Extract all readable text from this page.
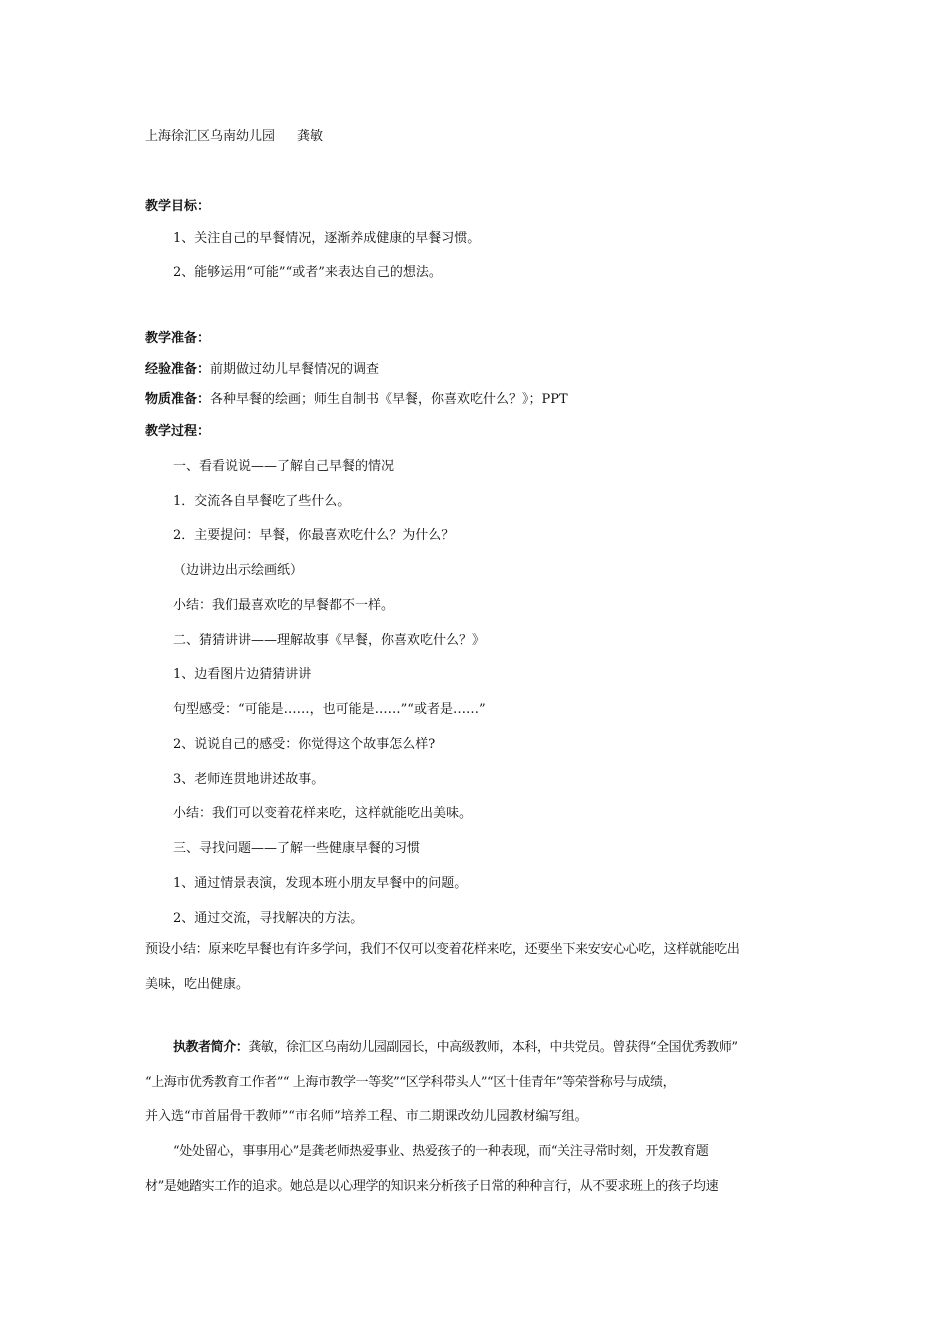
上海徐汇区乌南幼儿园 龚敏
教学目标：
1、关注自己的早餐情况，逐渐养成健康的早餐习惯。
2、能够运用“可能”“或者”来表达自己的想法。
教学准备：
经验准备：前期做过幼儿早餐情况的调查
物质准备：各种早餐的绘画；师生自制书《早餐，你喜欢吃什么？》；PPT
教学过程：
一、看看说说——了解自己早餐的情况
1．交流各自早餐吃了些什么。
2．主要提问：早餐，你最喜欢吃什么？为什么？
（边讲边出示绘画纸）
小结：我们最喜欢吃的早餐都不一样。
二、猜猜讲讲——理解故事《早餐，你喜欢吃什么？》
1、边看图片边猜猜讲讲
句型感受：“可能是……，也可能是……”“或者是……”
2、说说自己的感受：你觉得这个故事怎么样?
3、老师连贯地讲述故事。
小结：我们可以变着花样来吃，这样就能吃出美味。
三、寻找问题——了解一些健康早餐的习惯
1、通过情景表演，发现本班小朋友早餐中的问题。
2、通过交流，寻找解决的方法。
预设小结：原来吃早餐也有许多学问，我们不仅可以变着花样来吃，还要坐下来安安心心吃，这样就能吃出
美味，吃出健康。
执教者简介：龚敏，徐汇区乌南幼儿园副园长，中高级教师，本科，中共党员。曾获得“全国优秀教师”
“上海市优秀教育工作者”“ 上海市教学一等奖”“区学科带头人”“区十佳青年”等荣誉称号与成绩，
并入选“市首届骨干教师”“市名师”培养工程、市二期课改幼儿园教材编写组。
“处处留心，事事用心”是龚老师热爱事业、热爱孩子的一种表现，而“关注寻常时刻，开发教育题
材”是她踏实工作的追求。她总是以心理学的知识来分析孩子日常的种种言行，从不要求班上的孩子均速
